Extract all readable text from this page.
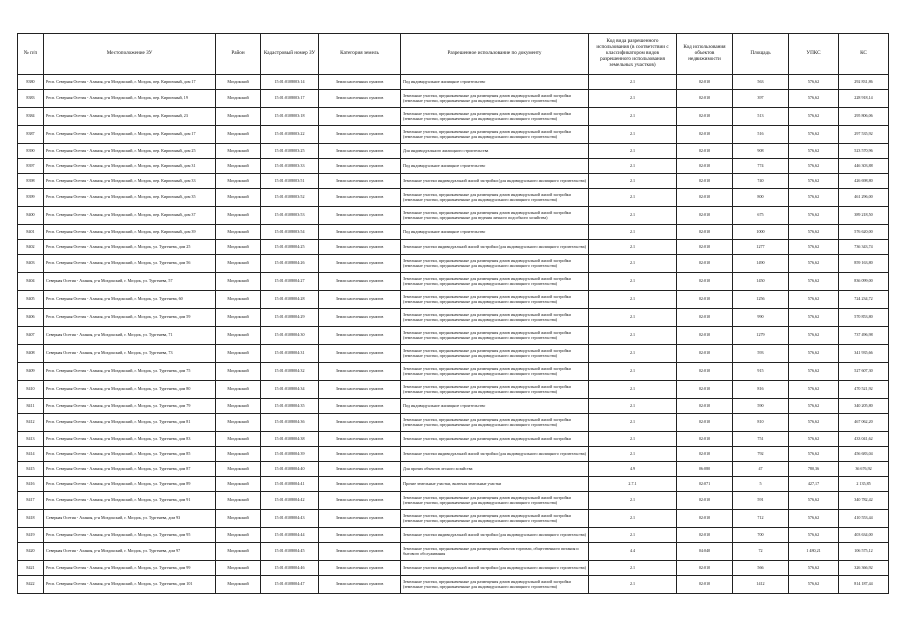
№ п/п	Местоположение ЗУ	Район	Кадастровый номер ЗУ	Категория земель	Разрешенное использование по документу	Код вида разрешенного использования (в соответствии с классификатором видов разрешенного использования земельных участков)	Код использования объектов недвижимости	Площадь	УПКС	КС
8380	Респ. Северная Осетия - Алания, р-н Моздокский, г. Моздок, пер. Кирпичный, дом 17	Моздокский	15:01:0108003:14	Земли населенных пунктов	Под индивидуальное жилищное строительство	2.1	02:010	563	576,62	292 831,86
8383	Респ. Северная Осетия - Алания, р-н Моздокский, г. Моздок, пер. Кирпичный, 19	Моздокский	15:01:0108003:17	Земли населенных пунктов	Земельные участки, предназначенные для размещения домов индивидуальной жилой застройки (земельные участки, предназначенные для индивидуального жилищного строительства)	2.1	02:010	397	576,62	228 918,14
8384	Респ. Северная Осетия - Алания, р-н Моздокский, г. Моздок, пер. Кирпичный, 23	Моздокский	15:01:0108003:18	Земли населенных пунктов	Земельные участки, предназначенные для размещения домов индивидуальной жилой застройки (земельные участки, предназначенные для индивидуального жилищного строительства)	2.1	02:010	513	576,62	295 806,06
8387	Респ. Северная Осетия - Алания, р-н Моздокский, г. Моздок, пер. Кирпичный, дом 17	Моздокский	15:01:0108003:22	Земли населенных пунктов	Земельные участки, предназначенные для размещения домов индивидуальной жилой застройки (земельные участки, предназначенные для индивидуального жилищного строительства)	2.1	02:010	516	576,62	297 535,92
8390	Респ. Северная Осетия - Алания, р-н Моздокский, г. Моздок, пер. Кирпичный, дом 25	Моздокский	15:01:0108003:25	Земли населенных пунктов	Для индивидуального жилищного строительства	2.1	02:010	908	576,62	523 570,96
8397	Респ. Северная Осетия - Алания, р-н Моздокский, г. Моздок, пер. Кирпичный, дом 31	Моздокский	15:01:0108003:33	Земли населенных пунктов	Под индивидуальное жилищное строительство	2.1	02:010	774	576,62	446 303,88
8398	Респ. Северная Осетия - Алания, р-н Моздокский, г. Моздок, пер. Кирпичный, дом 33	Моздокский	15:01:0108003:51	Земли населенных пунктов	Земельные участки индивидуальной жилой застройки (для индивидуального жилищного строительства)	2.1	02:010	740	576,62	426 698,80
8399	Респ. Северная Осетия - Алания, р-н Моздокский, г. Моздок, пер. Кирпичный, дом 35	Моздокский	15:01:0108003:52	Земли населенных пунктов	Земельные участки, предназначенные для размещения домов индивидуальной жилой застройки (земельные участки, предназначенные для индивидуального жилищного строительства)	2.1	02:010	800	576,62	461 296,00
8400	Респ. Северная Осетия - Алания, р-н Моздокский, г. Моздок, пер. Кирпичный, дом 37	Моздокский	15:01:0108003:53	Земли населенных пунктов	Земельные участки, предназначенные для размещения домов индивидуальной жилой застройки (земельные участки, предназначенные для ведения личного подсобного хозяйства)	2.1	02:010	675	576,62	389 218,50
8401	Респ. Северная Осетия - Алания, р-н Моздокский, г. Моздок, пер. Кирпичный, дом 39	Моздокский	15:01:0108003:54	Земли населенных пунктов	Под индивидуальное жилищное строительство	2.1	02:010	1000	576,62	576 620,00
8402	Респ. Северная Осетия - Алания, р-н Моздокский, г. Моздок, ул. Тургенева, дом 25	Моздокский	15:01:0108004:25	Земли населенных пунктов	Земельные участки индивидуальной жилой застройки (для индивидуального жилищного строительства)	2.1	02:010	1277	576,62	736 343,74
8403	Респ. Северная Осетия - Алания, р-н Моздокский, г. Моздок, ул. Тургенева, дом 56	Моздокский	15:01:0108004:26	Земли населенных пунктов	Земельные участки, предназначенные для размещения домов индивидуальной жилой застройки (земельные участки, предназначенные для индивидуального жилищного строительства)	2.1	02:010	1490	576,62	859 163,80
8404	Северная Осетия - Алания, р-н Моздокский, г. Моздок, ул. Тургенева, 57	Моздокский	15:01:0108004:27	Земли населенных пунктов	Земельные участки, предназначенные для размещения домов индивидуальной жилой застройки (земельные участки, предназначенные для индивидуального жилищного строительства)	2.1	02:010	1450	576,62	836 099,00
8405	Респ. Северная Осетия - Алания, р-н Моздокский, г. Моздок, ул. Тургенева, 60	Моздокский	15:01:0108004:28	Земли населенных пунктов	Земельные участки, предназначенные для размещения домов индивидуальной жилой застройки (земельные участки, предназначенные для индивидуального жилищного строительства)	2.1	02:010	1256	576,62	724 234,72
8406	Респ. Северная Осетия - Алания, р-н Моздокский, г. Моздок, ул. Тургенева, дом 59	Моздокский	15:01:0108004:29	Земли населенных пунктов	Земельные участки, предназначенные для размещения домов индивидуальной жилой застройки (земельные участки, предназначенные для индивидуального жилищного строительства)	2.1	02:010	990	576,62	570 853,80
8407	Северная Осетия - Алания, р-н Моздокский, г. Моздок, ул. Тургенева, 71	Моздокский	15:01:0108004:30	Земли населенных пунктов	Земельные участки, предназначенные для размещения домов индивидуальной жилой застройки (земельные участки, предназначенные для индивидуального жилищного строительства)	2.1	02:010	1279	576,62	737 496,98
8408	Северная Осетия - Алания, р-н Моздокский, г. Моздок, ул. Тургенева, 73	Моздокский	15:01:0108004:31	Земли населенных пунктов	Земельные участки, предназначенные для размещения домов индивидуальной жилой застройки (земельные участки, предназначенные для индивидуального жилищного строительства)	2.1	02:010	593	576,62	341 935,66
8409	Респ. Северная Осетия - Алания, р-н Моздокский, г. Моздок, ул. Тургенева, дом 75	Моздокский	15:01:0108004:32	Земли населенных пунктов	Земельные участки, предназначенные для размещения домов индивидуальной жилой застройки (земельные участки, предназначенные для индивидуального жилищного строительства)	2.1	02:010	915	576,62	527 607,30
8410	Респ. Северная Осетия - Алания, р-н Моздокский, г. Моздок, ул. Тургенева, дом 80	Моздокский	15:01:0108004:34	Земли населенных пунктов	Земельные участки, предназначенные для размещения домов индивидуальной жилой застройки (земельные участки, предназначенные для индивидуального жилищного строительства)	2.1	02:010	816	576,62	470 521,92
8411	Респ. Северная Осетия - Алания, р-н Моздокский, г. Моздок, ул. Тургенева, дом 79	Моздокский	15:01:0108004:35	Земли населенных пунктов	Под индивидуальное жилищное строительство	2.1	02:010	590	576,62	340 205,80
8412	Респ. Северная Осетия - Алания, р-н Моздокский, г. Моздок, ул. Тургенева, дом 81	Моздокский	15:01:0108004:36	Земли населенных пунктов	Земельные участки, предназначенные для размещения домов индивидуальной жилой застройки (земельные участки, предназначенные для индивидуального жилищного строительства)	2.1	02:010	810	576,62	467 062,20
8413	Респ. Северная Осетия - Алания, р-н Моздокский, г. Моздок, ул. Тургенева, дом 83	Моздокский	15:01:0108004:38	Земли населенных пунктов	Земельные участки, предназначенные для размещения домов индивидуальной жилой застройки	2.1	02:010	751	576,62	433 041,62
8414	Респ. Северная Осетия - Алания, р-н Моздокский, г. Моздок, ул. Тургенева, дом 85	Моздокский	15:01:0108004:39	Земли населенных пунктов	Земельные участки индивидуальной жилой застройки (для индивидуального жилищного строительства)	2.1	02:010	792	576,62	456 683,04
8415	Респ. Северная Осетия - Алания, р-н Моздокский, г. Моздок, ул. Тургенева, дом 87	Моздокский	15:01:0108004:40	Земли населенных пунктов	Для прочих объектов лесного хозяйства	4.9	06:080	47	780,36	36 676,92
8416	Респ. Северная Осетия - Алания, р-н Моздокский, г. Моздок, ул. Тургенева, дом 89	Моздокский	15:01:0108004:41	Земли населенных пунктов	Прочие земельные участки, включая земельные участки	2.7.1	02:071	5	427,17	2 135,85
8417	Респ. Северная Осетия - Алания, р-н Моздокский, г. Моздок, ул. Тургенева, дом 91	Моздокский	15:01:0108004:42	Земли населенных пунктов	Земельные участки, предназначенные для размещения домов индивидуальной жилой застройки (земельные участки, предназначенные для индивидуального жилищного строительства)	2.1	02:010	591	576,62	340 782,42
8418	Северная Осетия - Алания, р-н Моздокский, г. Моздок, ул. Тургенева, дом 93	Моздокский	15:01:0108004:43	Земли населенных пунктов	Земельные участки, предназначенные для размещения домов индивидуальной жилой застройки (земельные участки, предназначенные для индивидуального жилищного строительства)	2.1	02:010	712	576,62	410 553,44
8419	Респ. Северная Осетия - Алания, р-н Моздокский, г. Моздок, ул. Тургенева, дом 95	Моздокский	15:01:0108004:44	Земли населенных пунктов	Земельные участки индивидуальной жилой застройки (для индивидуального жилищного строительства)	2.1	02:010	700	576,62	403 634,00
8420	Северная Осетия - Алания, р-н Моздокский, г. Моздок, ул. Тургенева, дом 97	Моздокский	15:01:0108004:45	Земли населенных пунктов	Земельные участки, предназначенные для размещения объектов торговли, общественного питания и бытового обслуживания	4.4	04:040	72	1 480,21	106 575,12
8421	Респ. Северная Осетия - Алания, р-н Моздокский, г. Моздок, ул. Тургенева, дом 99	Моздокский	15:01:0108004:46	Земли населенных пунктов	Земельные участки индивидуальной жилой застройки (для индивидуального жилищного строительства)	2.1	02:010	566	576,62	326 366,92
8422	Респ. Северная Осетия - Алания, р-н Моздокский, г. Моздок, ул. Тургенева, дом 101	Моздокский	15:01:0108004:47	Земли населенных пунктов	Земельные участки, предназначенные для размещения домов индивидуальной жилой застройки (земельные участки, предназначенные для индивидуального жилищного строительства)	2.1	02:010	1412	576,62	814 187,44
